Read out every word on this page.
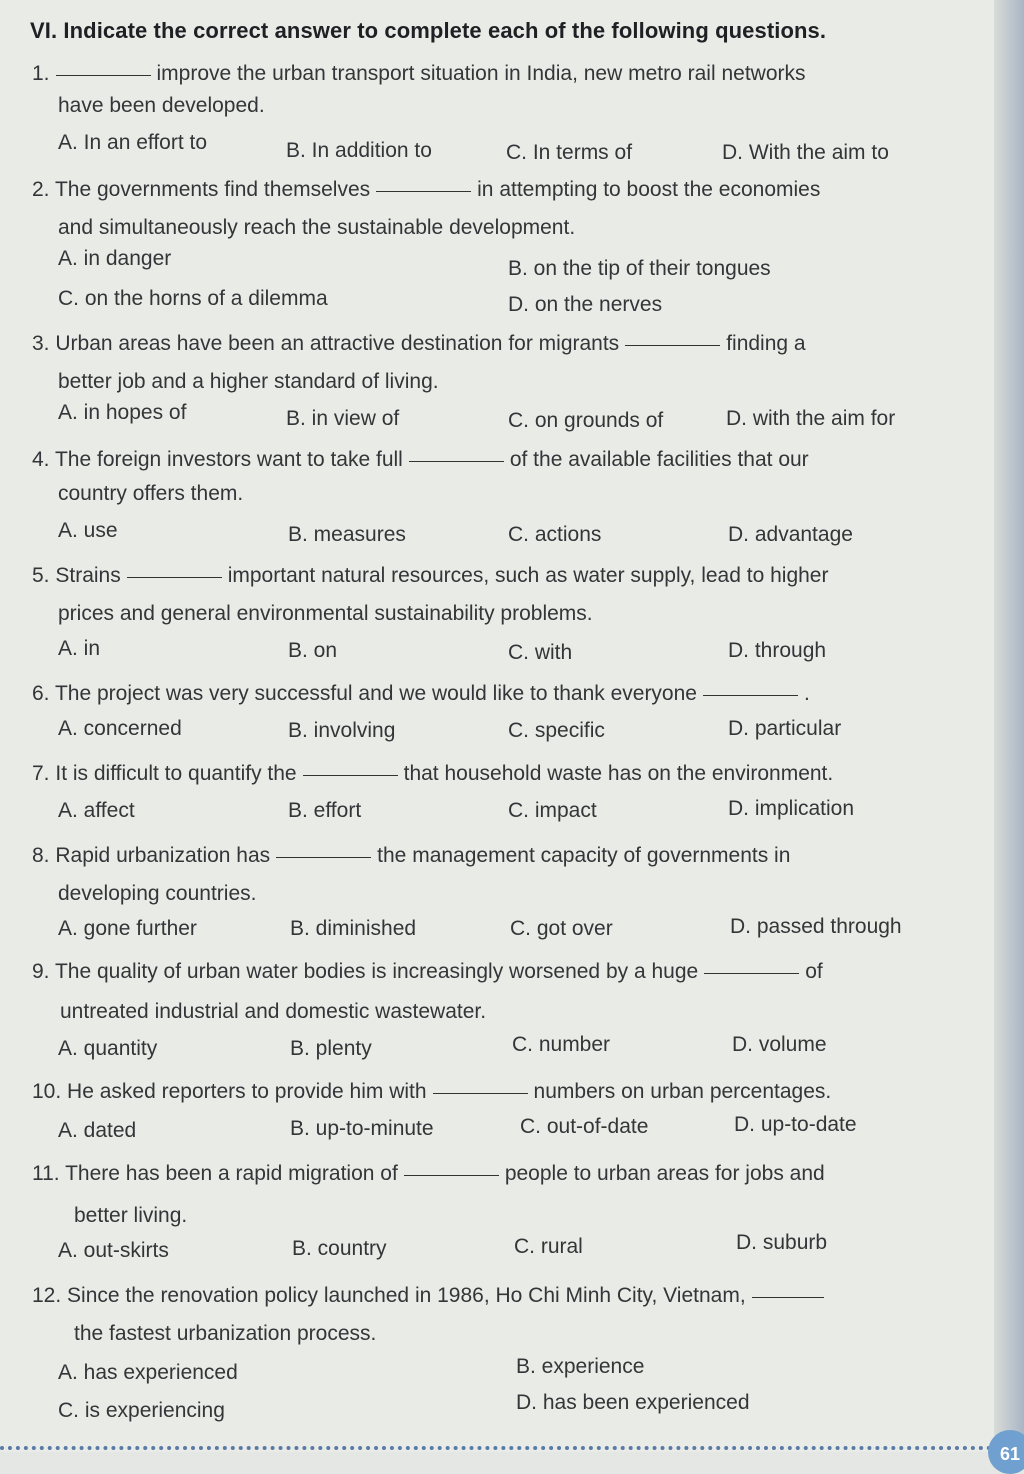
VI. Indicate the correct answer to complete each of the following questions.
1.	improve the urban transport situation in India, new metro rail networks
have been developed.
A. In an effort to	B. In addition to	C. In terms of	D. With the aim to
2. The governments find themselves	in attempting to boost the economies
and simultaneously reach the sustainable development.
A. in danger	B. on the tip of their tongues
C. on the horns of a dilemma	D. on the nerves
3. Urban areas have been an attractive destination for migrants	finding a
better job and a higher standard of living.
A. in hopes of	B. in view of	C. on grounds of	D. with the aim for
4. The foreign investors want to take full	of the available facilities that our
country offers them.
A. use	B. measures	C. actions	D. advantage
5. Strains	important natural resources, such as water supply, lead to higher
prices and general environmental sustainability problems.
A. in	B. on	C. with	D. through
6. The project was very successful and we would like to thank everyone	.
A. concerned	B. involving	C. specific	D. particular
7. It is difficult to quantify the	that household waste has on the environment.
A. affect	B. effort	C. impact	D. implication
8. Rapid urbanization has	the management capacity of governments in
developing countries.
A. gone further	B. diminished	C. got over	D. passed through
9. The quality of urban water bodies is increasingly worsened by a huge	of
untreated industrial and domestic wastewater.
A. quantity	B. plenty	C. number	D. volume
10. He asked reporters to provide him with	numbers on urban percentages.
A. dated	B. up-to-minute	C. out-of-date	D. up-to-date
11. There has been a rapid migration of	people to urban areas for jobs and
better living.
A. out-skirts	B. country	C. rural	D. suburb
12. Since the renovation policy launched in 1986, Ho Chi Minh City, Vietnam,
the fastest urbanization process.
A. has experienced	B. experience
C. is experiencing	D. has been experienced
61
